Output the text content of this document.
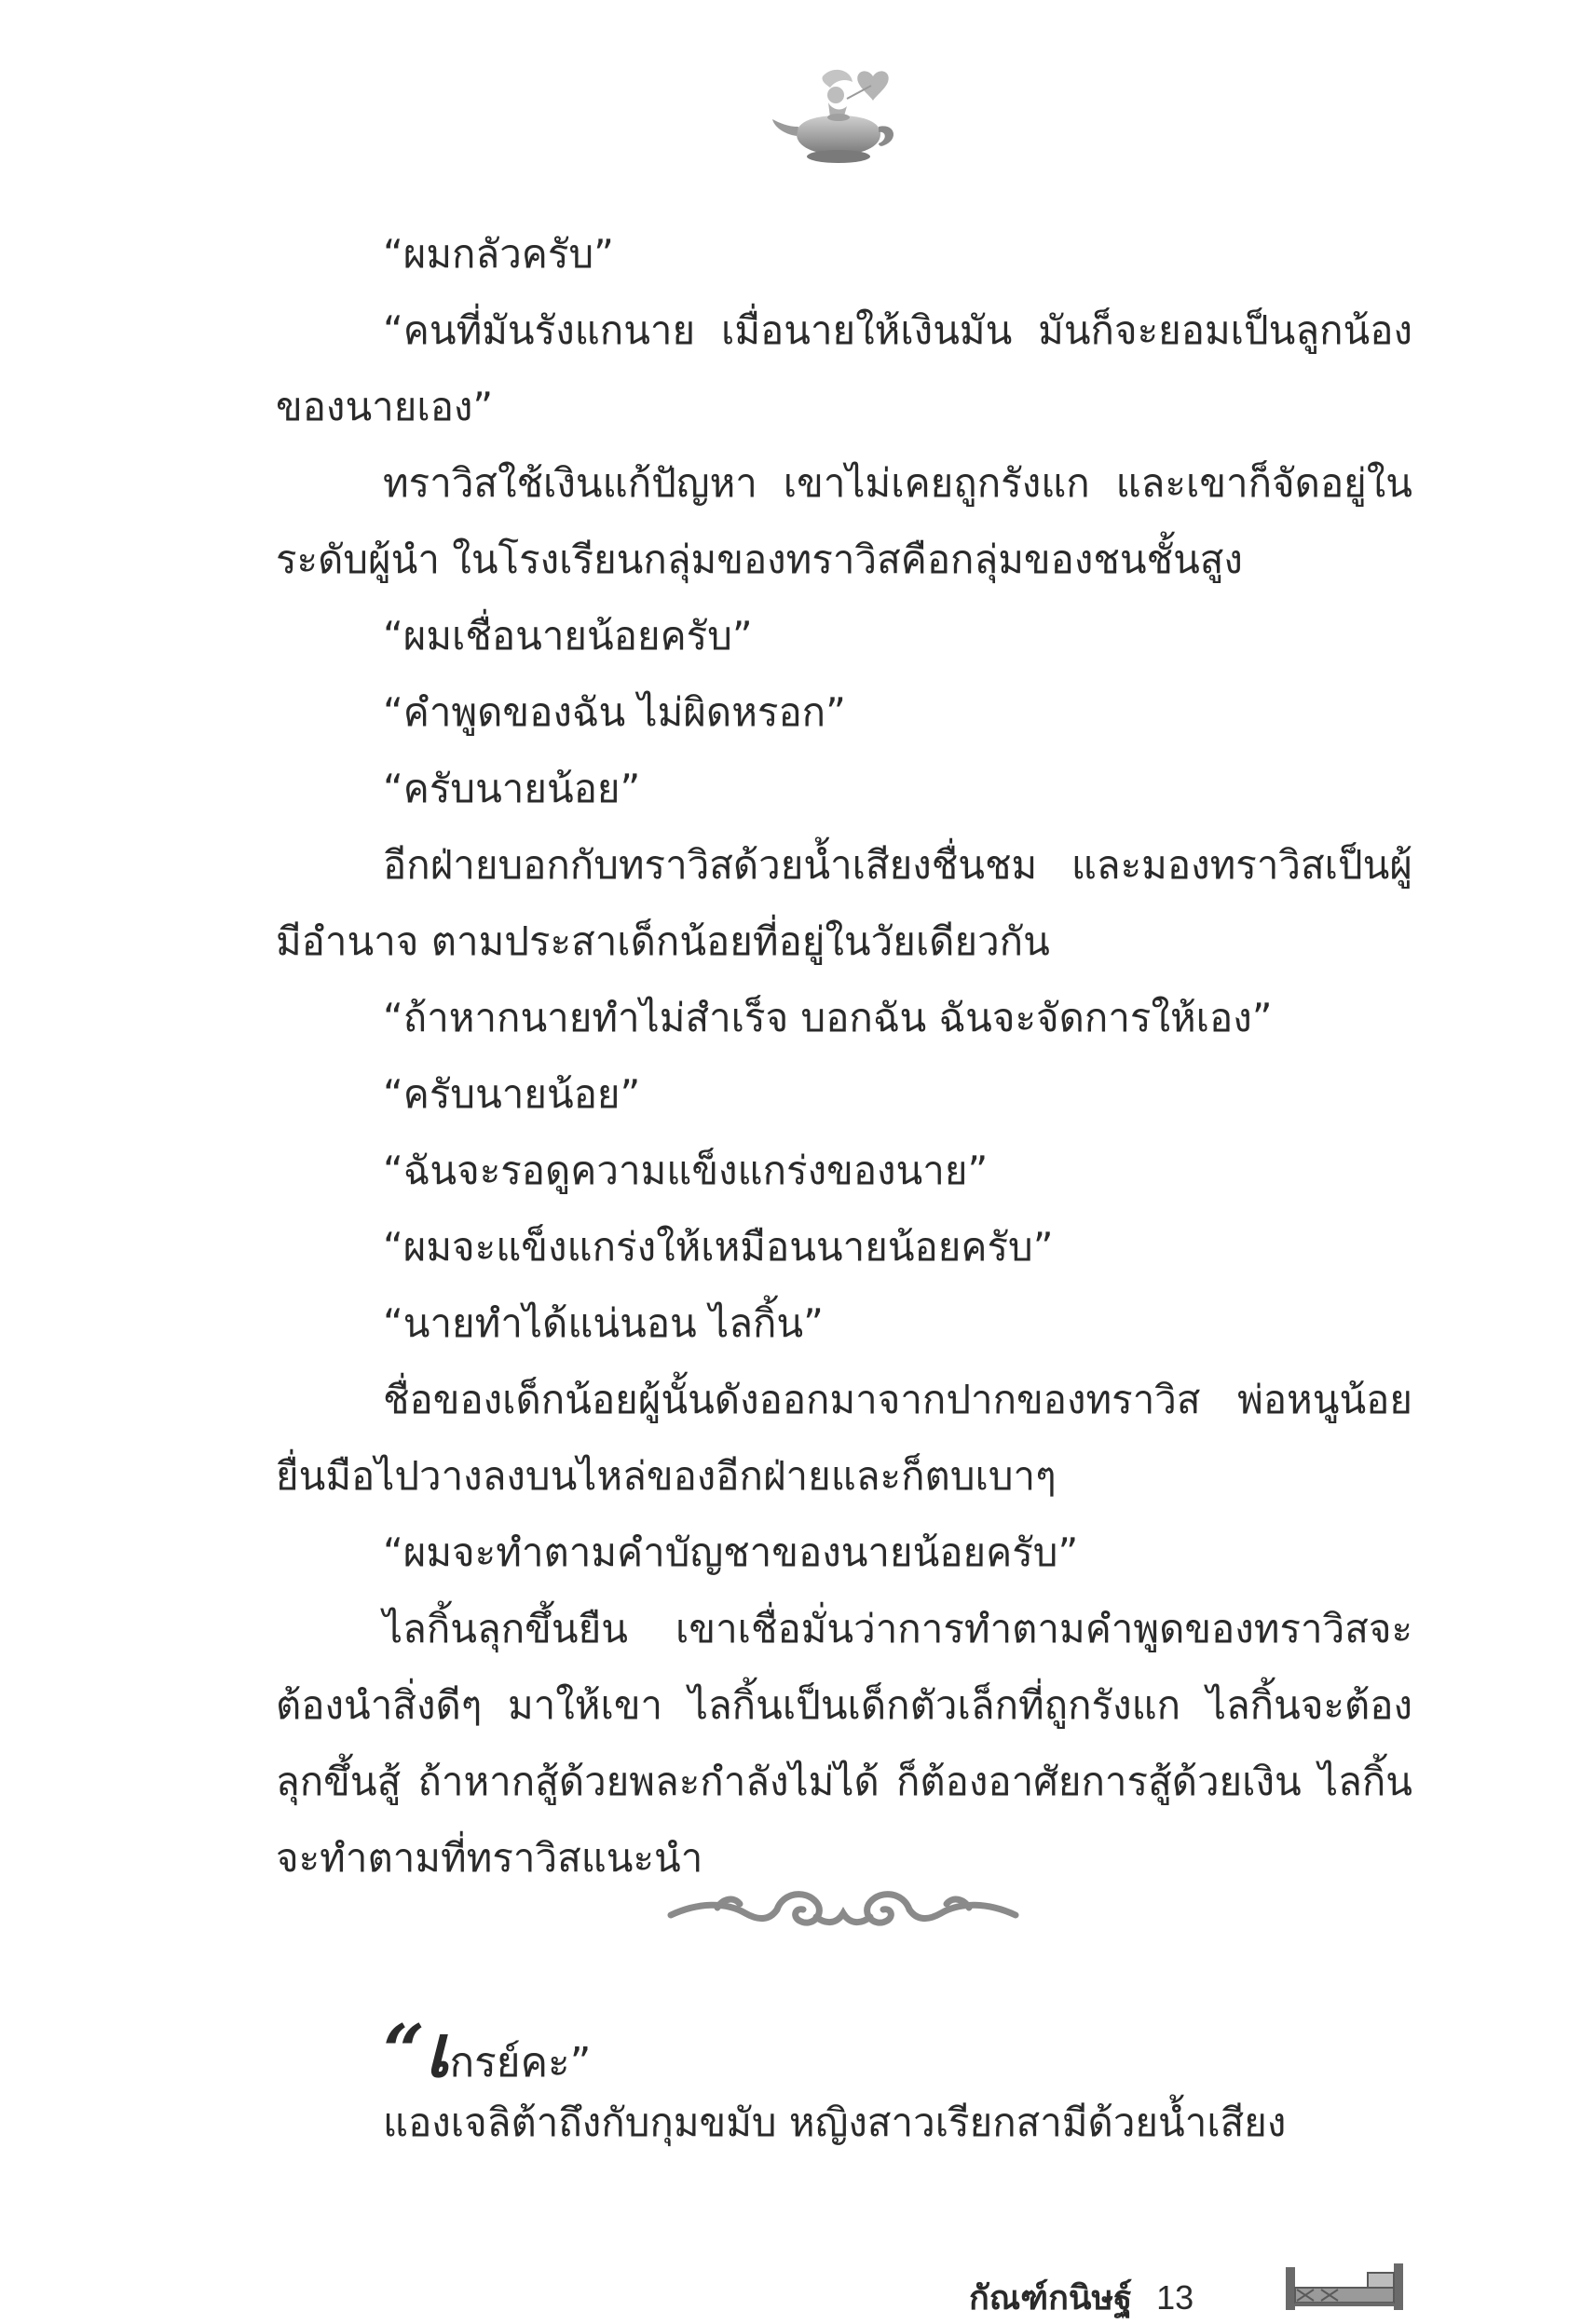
“ผมกลัวครับ”

“คนที่มันรังแกนาย เมื่อนายให้เงินมัน มันก็จะยอมเป็นลูกน้องของนายเอง”

ทราวิสใช้เงินแก้ปัญหา เขาไม่เคยถูกรังแก และเขาก็จัดอยู่ในระดับผู้นำ ในโรงเรียนกลุ่มของทราวิสคือกลุ่มของชนชั้นสูง

“ผมเชื่อนายน้อยครับ”

“คำพูดของฉัน ไม่ผิดหรอก”

“ครับนายน้อย”

อีกฝ่ายบอกกับทราวิสด้วยน้ำเสียงชื่นชม และมองทราวิสเป็นผู้มีอำนาจ ตามประสาเด็กน้อยที่อยู่ในวัยเดียวกัน

“ถ้าหากนายทำไม่สำเร็จ บอกฉัน ฉันจะจัดการให้เอง”

“ครับนายน้อย”

“ฉันจะรอดูความแข็งแกร่งของนาย”

“ผมจะแข็งแกร่งให้เหมือนนายน้อยครับ”

“นายทำได้แน่นอน ไลกิ้น”

ชื่อของเด็กน้อยผู้นั้นดังออกมาจากปากของทราวิส พ่อหนูน้อยยื่นมือไปวางลงบนไหล่ของอีกฝ่ายและก็ตบเบาๆ

“ผมจะทำตามคำบัญชาของนายน้อยครับ”

ไลกิ้นลุกขึ้นยืน เขาเชื่อมั่นว่าการทำตามคำพูดของทราวิสจะต้องนำสิ่งดีๆ มาให้เขา ไลกิ้นเป็นเด็กตัวเล็กที่ถูกรังแก ไลกิ้นจะต้องลุกขึ้นสู้ ถ้าหากสู้ด้วยพละกำลังไม่ได้ ก็ต้องอาศัยการสู้ด้วยเงิน ไลกิ้นจะทำตามที่ทราวิสแนะนำ

“เกรย์คะ”
แองเจลิต้าถึงกับกุมขมับ หญิงสาวเรียกสามีด้วยน้ำเสียง
กัณฑ์กนิษฐ์ 13
